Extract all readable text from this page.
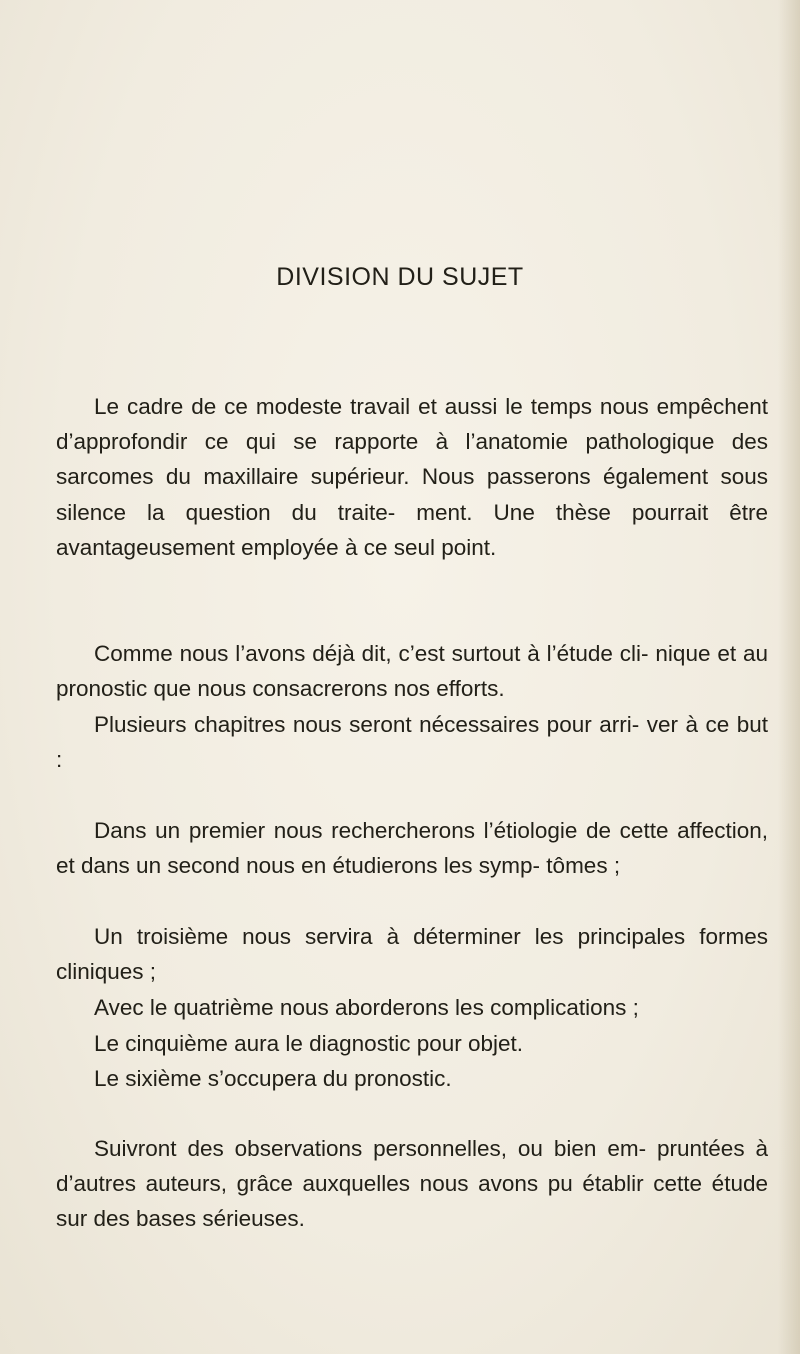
DIVISION DU SUJET

Le cadre de ce modeste travail et aussi le temps nous empêchent d’approfondir ce qui se rapporte à l’anatomie pathologique des sarcomes du maxillaire supérieur. Nous passerons également sous silence la question du traite- ment. Une thèse pourrait être avantageusement employée à ce seul point.

Comme nous l’avons déjà dit, c’est surtout à l’étude cli- nique et au pronostic que nous consacrerons nos efforts.

Plusieurs chapitres nous seront nécessaires pour arri- ver à ce but :

Dans un premier nous rechercherons l’étiologie de cette affection, et dans un second nous en étudierons les symp- tômes ;

Un troisième nous servira à déterminer les principales formes cliniques ;

Avec le quatrième nous aborderons les complications ;

Le cinquième aura le diagnostic pour objet.

Le sixième s’occupera du pronostic.

Suivront des observations personnelles, ou bien em- pruntées à d’autres auteurs, grâce auxquelles nous avons pu établir cette étude sur des bases sérieuses.
